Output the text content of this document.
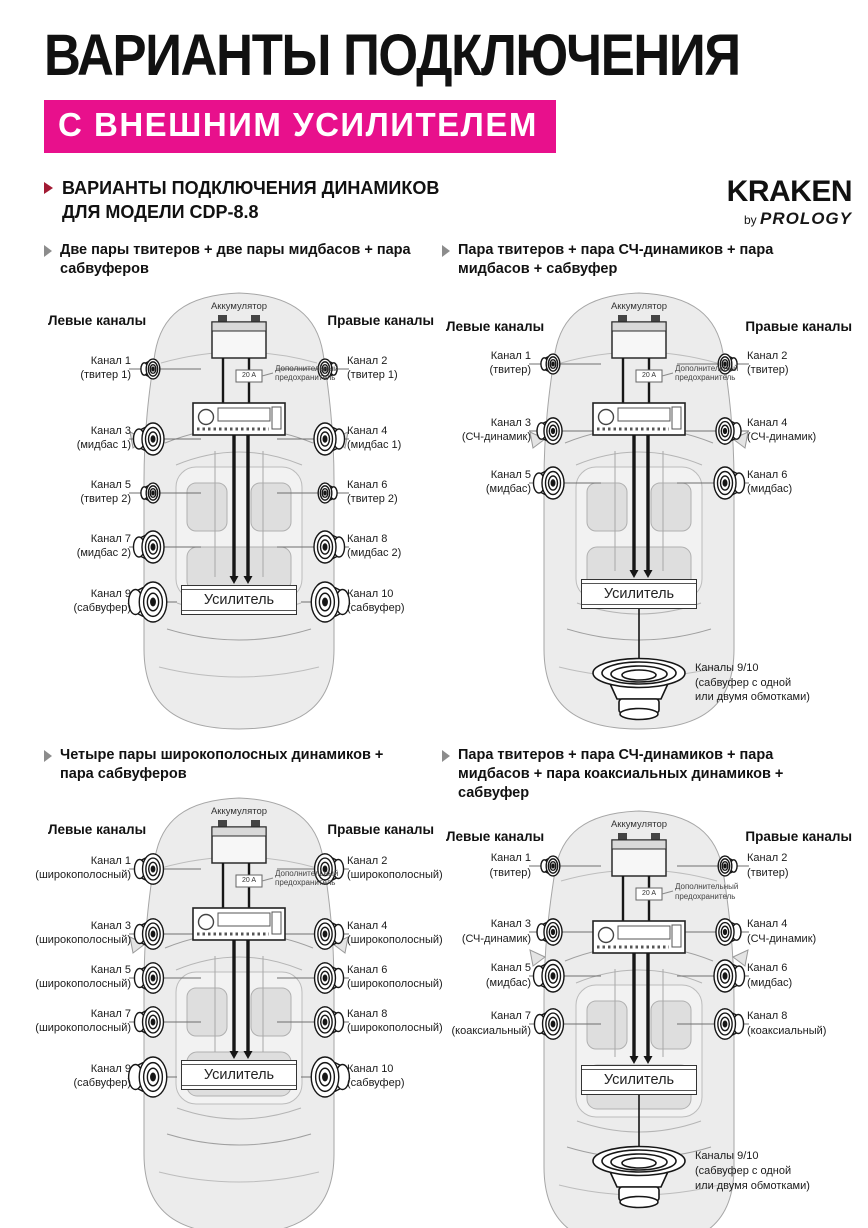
ВАРИАНТЫ ПОДКЛЮЧЕНИЯ
С ВНЕШНИМ УСИЛИТЕЛЕМ
ВАРИАНТЫ ПОДКЛЮЧЕНИЯ ДИНАМИКОВ
ДЛЯ МОДЕЛИ CDP-8.8
KRAKEN
by PROLOGY
Две пары твитеров + две пары мидбасов + пара сабвуферов
Левые каналы	Правые каналы
Аккумулятор
20 A
Дополнительный предохранитель
Усилитель
Канал 1
(твитер 1)
Канал 2
(твитер 1)
Канал 3
(мидбас 1)
Канал 4
(мидбас 1)
Канал 5
(твитер 2)
Канал 6
(твитер 2)
Канал 7
(мидбас 2)
Канал 8
(мидбас 2)
Канал 9
(сабвуфер)
Канал 10
(сабвуфер)
Пара твитеров + пара СЧ-динамиков + пара мидбасов + сабвуфер
Левые каналы	Правые каналы
Аккумулятор
20 A
Дополнительный предохранитель
Усилитель
Канал 1
(твитер)
Канал 2
(твитер)
Канал 3
(СЧ-динамик)
Канал 4
(СЧ-динамик)
Канал 5
(мидбас)
Канал 6
(мидбас)
Каналы 9/10
(сабвуфер с одной
или двумя обмотками)
Четыре пары широкополосных динамиков + пара сабвуферов
Левые каналы	Правые каналы
Аккумулятор
20 A
Дополнительный предохранитель
Усилитель
Канал 1
(широкополосный)
Канал 2
(широкополосный)
Канал 3
(широкополосный)
Канал 4
(широкополосный)
Канал 5
(широкополосный)
Канал 6
(широкополосный)
Канал 7
(широкополосный)
Канал 8
(широкополосный)
Канал 9
(сабвуфер)
Канал 10
(сабвуфер)
Пара твитеров + пара СЧ-динамиков + пара мидбасов + пара коаксиальных динамиков + сабвуфер
Левые каналы	Правые каналы
Аккумулятор
20 A
Дополнительный предохранитель
Усилитель
Канал 1
(твитер)
Канал 2
(твитер)
Канал 3
(СЧ-динамик)
Канал 4
(СЧ-динамик)
Канал 5
(мидбас)
Канал 6
(мидбас)
Канал 7
(коаксиальный)
Канал 8
(коаксиальный)
Каналы 9/10
(сабвуфер с одной
или двумя обмотками)
